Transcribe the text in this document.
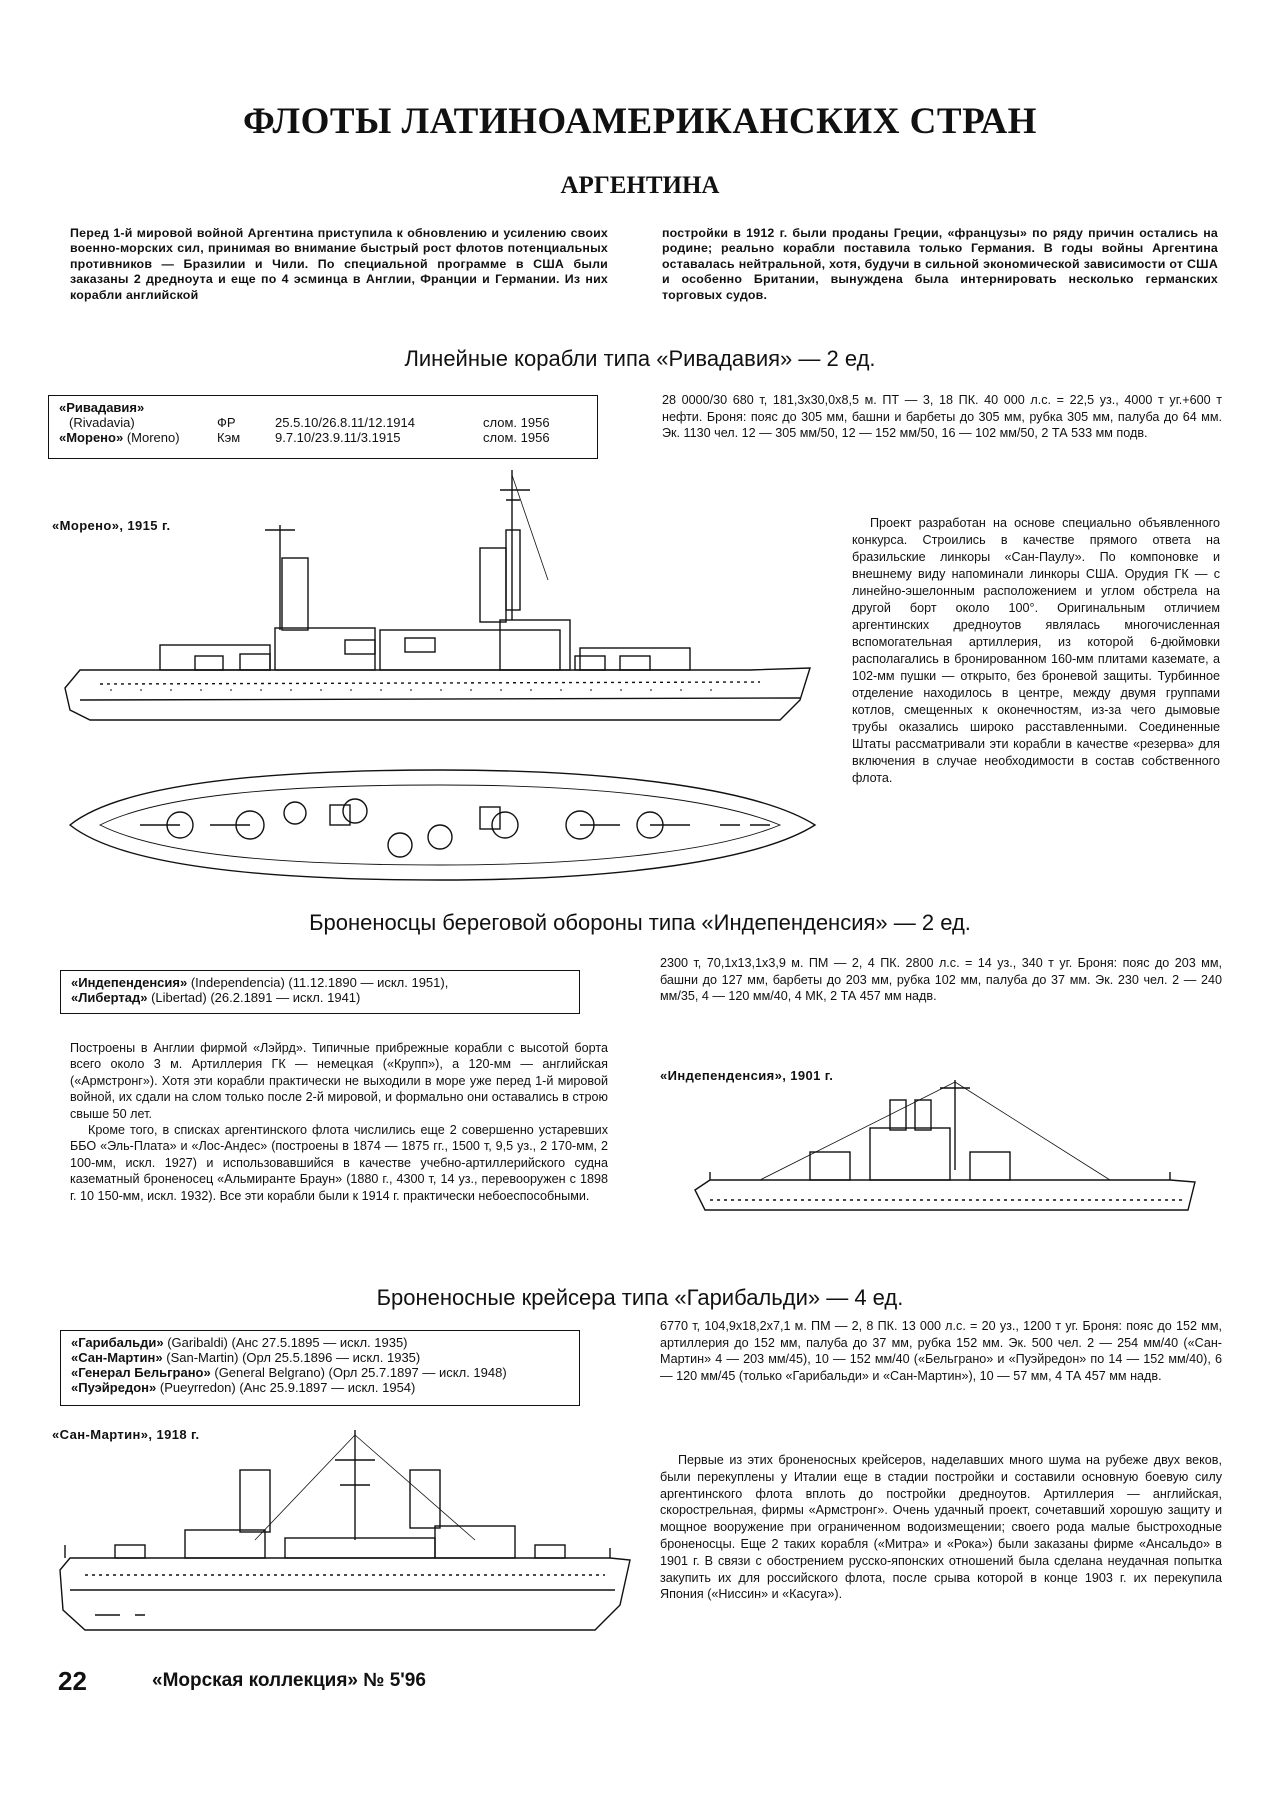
ФЛОТЫ ЛАТИНОАМЕРИКАНСКИХ СТРАН
АРГЕНТИНА
Перед 1-й мировой войной Аргентина приступила к обновлению и усилению своих военно-морских сил, принимая во внимание быстрый рост флотов потенциальных противников — Бразилии и Чили. По специальной программе в США были заказаны 2 дредноута и еще по 4 эсминца в Англии, Франции и Германии. Из них корабли английской
постройки в 1912 г. были проданы Греции, «французы» по ряду причин остались на родине; реально корабли поставила только Германия. В годы войны Аргентина оставалась нейтральной, хотя, будучи в сильной экономической зависимости от США и особенно Британии, вынуждена была интернировать несколько германских торговых судов.
Линейные корабли типа «Ривадавия» — 2 ед.
«Ривадавия»			
(Rivadavia)	ФР	25.5.10/26.8.11/12.1914	слом. 1956
«Морено» (Moreno)	Кэм	9.7.10/23.9.11/3.1915	слом. 1956
28 0000/30 680 т, 181,3х30,0х8,5 м. ПТ — 3, 18 ПК. 40 000 л.с. = 22,5 уз., 4000 т уг.+600 т нефти. Броня: пояс до 305 мм, башни и барбеты до 305 мм, рубка 305 мм, палуба до 64 мм. Эк. 1130 чел. 12 — 305 мм/50, 12 — 152 мм/50, 16 — 102 мм/50, 2 ТА 533 мм подв.
«Морено», 1915 г.	Проект разработан на основе специально объявленного конкурса. Строились в качестве прямого ответа на бразильские линкоры «Сан-Паулу». По компоновке и внешнему виду напоминали линкоры США. Орудия ГК — с линейно-эшелонным расположением и углом обстрела на другой борт около 100°. Оригинальным отличием аргентинских дредноутов являлась многочисленная вспомогательная артиллерия, из которой 6-дюймовки располагались в бронированном 160-мм плитами каземате, а 102-мм пушки — открыто, без броневой защиты. Турбинное отделение находилось в центре, между двумя группами котлов, смещенных к оконечностям, из-за чего дымовые трубы оказались широко расставленными. Соединенные Штаты рассматривали эти корабли в качестве «резерва» для включения в случае необходимости в состав собственного флота.
Броненосцы береговой обороны типа «Индепенденсия» — 2 ед.
«Индепенденсия» (Independencia) (11.12.1890 — искл. 1951),
«Либертад» (Libertad) (26.2.1891 — искл. 1941)
2300 т, 70,1х13,1х3,9 м. ПМ — 2, 4 ПК. 2800 л.с. = 14 уз., 340 т уг. Броня: пояс до 203 мм, башни до 127 мм, барбеты до 203 мм, рубка 102 мм, палуба до 37 мм. Эк. 230 чел. 2 — 240 мм/35, 4 — 120 мм/40, 4 МК, 2 ТА 457 мм надв.
Построены в Англии фирмой «Лэйрд». Типичные прибрежные корабли с высотой борта всего около 3 м. Артиллерия ГК — немецкая («Крупп»), а 120-мм — английская («Армстронг»). Хотя эти корабли практически не выходили в море уже перед 1-й мировой войной, их сдали на слом только после 2-й мировой, и формально они оставались в строю свыше 50 лет.
Кроме того, в списках аргентинского флота числились еще 2 совершенно устаревших ББО «Эль-Плата» и «Лос-Андес» (построены в 1874 — 1875 гг., 1500 т, 9,5 уз., 2 170-мм, 2 100-мм, искл. 1927) и использовавшийся в качестве учебно-артиллерийского судна казематный броненосец «Альмиранте Браун» (1880 г., 4300 т, 14 уз., перевооружен с 1898 г. 10 150-мм, искл. 1932). Все эти корабли были к 1914 г. практически небоеспособными.
«Индепенденсия», 1901 г.
Броненосные крейсера типа «Гарибальди» — 4 ед.
«Гарибальди» (Garibaldi) (Анс 27.5.1895 — искл. 1935)
«Сан-Мартин» (San-Martin) (Орл 25.5.1896 — искл. 1935)
«Генерал Бельграно» (General Belgrano) (Орл 25.7.1897 — искл. 1948)
«Пуэйредон» (Pueyrredon) (Анс 25.9.1897 — искл. 1954)
6770 т, 104,9х18,2х7,1 м. ПМ — 2, 8 ПК. 13 000 л.с. = 20 уз., 1200 т уг. Броня: пояс до 152 мм, артиллерия до 152 мм, палуба до 37 мм, рубка 152 мм. Эк. 500 чел. 2 — 254 мм/40 («Сан-Мартин» 4 — 203 мм/45), 10 — 152 мм/40 («Бельграно» и «Пуэйредон» по 14 — 152 мм/40), 6 — 120 мм/45 (только «Гарибальди» и «Сан-Мартин»), 10 — 57 мм, 4 ТА 457 мм надв.
«Сан-Мартин», 1918 г.
Первые из этих броненосных крейсеров, наделавших много шума на рубеже двух веков, были перекуплены у Италии еще в стадии постройки и составили основную боевую силу аргентинского флота вплоть до постройки дредноутов. Артиллерия — английская, скорострельная, фирмы «Армстронг». Очень удачный проект, сочетавший хорошую защиту и мощное вооружение при ограниченном водоизмещении; своего рода малые быстроходные броненосцы. Еще 2 таких корабля («Митра» и «Рока») были заказаны фирме «Ансальдо» в 1901 г. В связи с обострением русско-японских отношений была сделана неудачная попытка закупить их для российского флота, после срыва которой в конце 1903 г. их перекупила Япония («Ниссин» и «Касуга»).
22	«Морская коллекция» № 5'96
